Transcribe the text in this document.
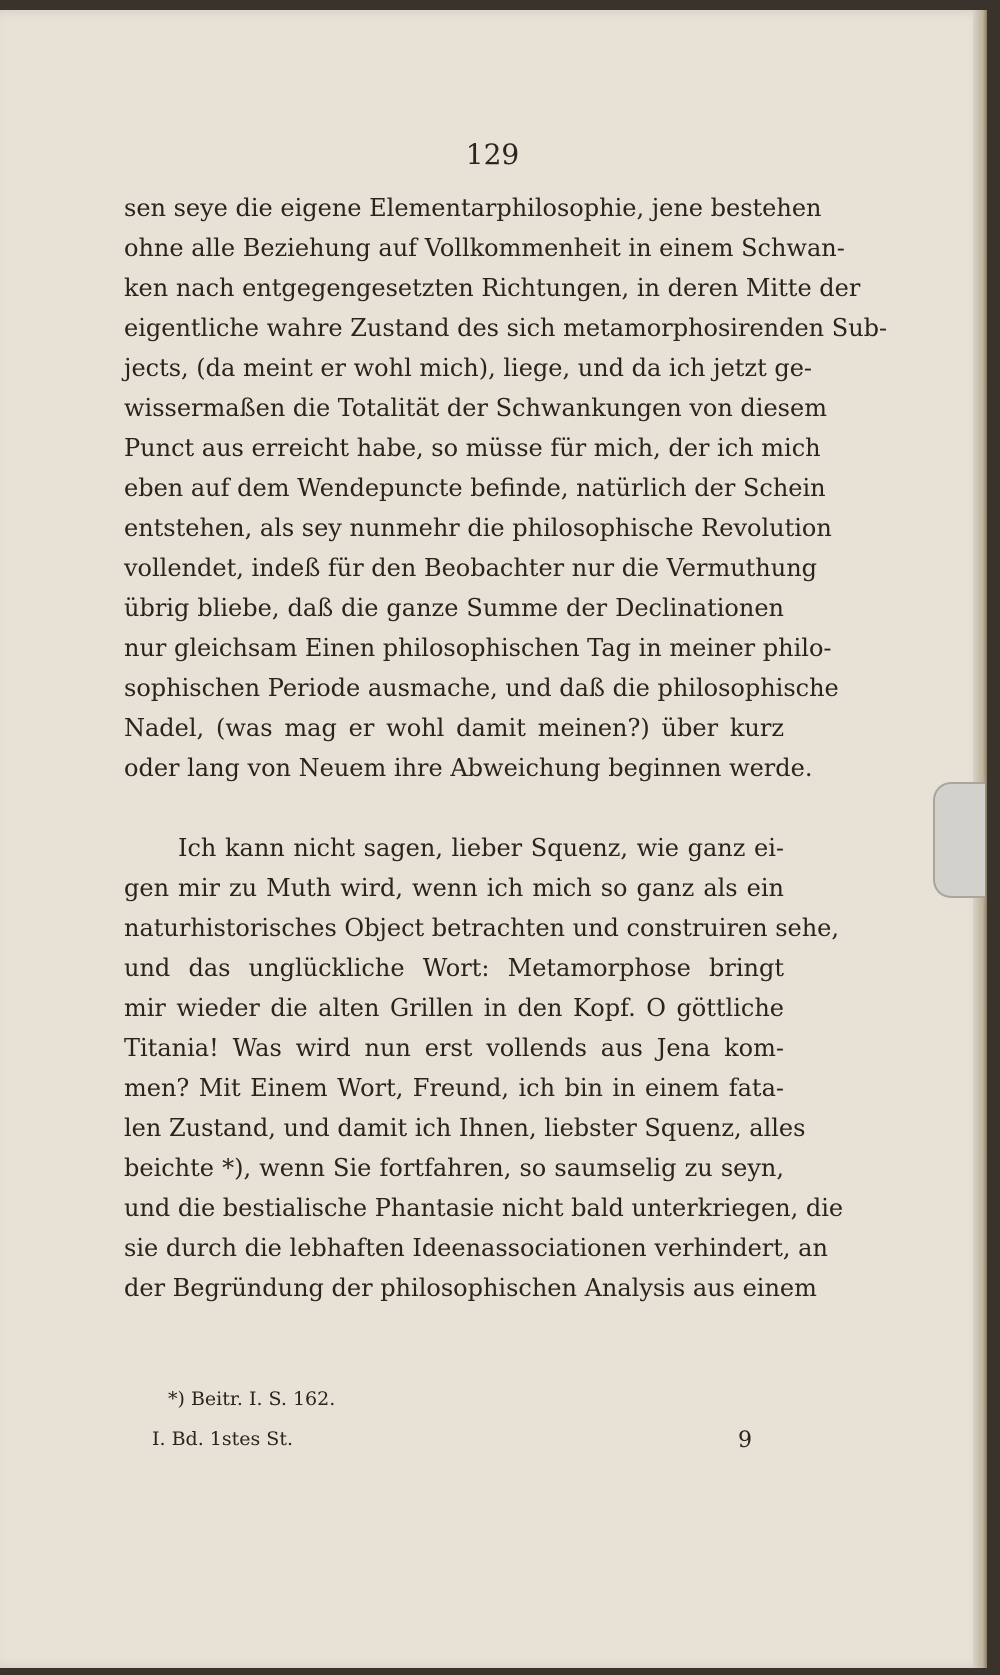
129
sen seye die eigene Elementarphilosophie, jene bestehen
ohne alle Beziehung auf Vollkommenheit in einem Schwan-
ken nach entgegengesetzten Richtungen, in deren Mitte der
eigentliche wahre Zustand des sich metamorphosirenden Sub-
jects, (da meint er wohl mich), liege, und da ich jetzt ge-
wissermaßen die Totalität der Schwankungen von diesem
Punct aus erreicht habe, so müsse für mich, der ich mich
eben auf dem Wendepuncte befinde, natürlich der Schein
entstehen, als sey nunmehr die philosophische Revolution
vollendet, indeß für den Beobachter nur die Vermuthung
übrig bliebe, daß die ganze Summe der Declinationen
nur gleichsam Einen philosophischen Tag in meiner philo-
sophischen Periode ausmache, und daß die philosophische
Nadel, (was mag er wohl damit meinen?) über kurz
oder lang von Neuem ihre Abweichung beginnen werde.
Ich kann nicht sagen, lieber Squenz, wie ganz ei-
gen mir zu Muth wird, wenn ich mich so ganz als ein
naturhistorisches Object betrachten und construiren sehe,
und das unglückliche Wort: Metamorphose bringt
mir wieder die alten Grillen in den Kopf. O göttliche
Titania! Was wird nun erst vollends aus Jena kom-
men? Mit Einem Wort, Freund, ich bin in einem fata-
len Zustand, und damit ich Ihnen, liebster Squenz, alles
beichte *), wenn Sie fortfahren, so saumselig zu seyn,
und die bestialische Phantasie nicht bald unterkriegen, die
sie durch die lebhaften Ideenassociationen verhindert, an
der Begründung der philosophischen Analysis aus einem
*) Beitr. I. S. 162.
I. Bd. 1stes St.	9
